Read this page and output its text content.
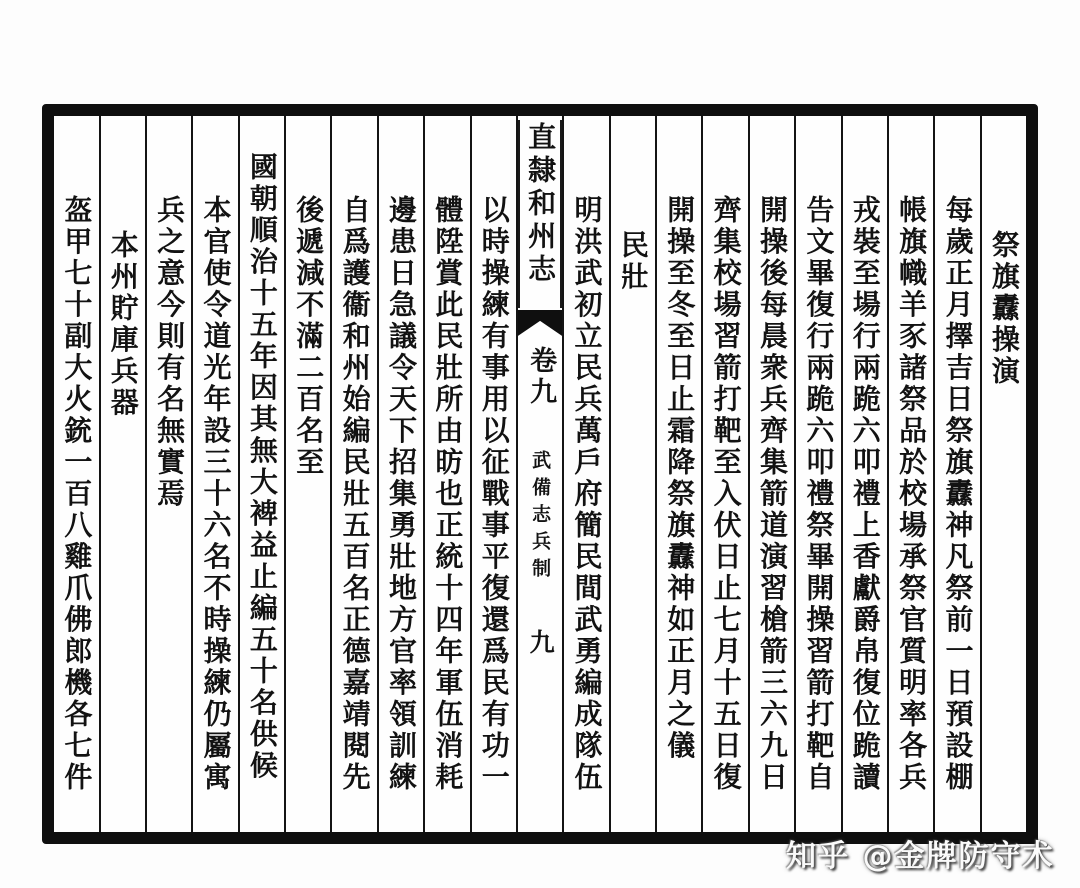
祭旗纛操演
每歲正月擇吉日祭旗纛神凡祭前一日預設棚
帳旗幟羊豕諸祭品於校場承祭官質明率各兵
戎裝至場行兩跪六叩禮上香獻爵帛復位跪讀
告文畢復行兩跪六叩禮祭畢開操習箭打靶自
開操後每晨衆兵齊集箭道演習槍箭三六九日
齊集校場習箭打靶至入伏日止七月十五日復
開操至冬至日止霜降祭旗纛神如正月之儀
民壯
明洪武初立民兵萬戶府簡民間武勇編成隊伍
直隸和州志
卷九
武備志兵制
九
以時操練有事用以征戰事平復還爲民有功一
體陞賞此民壯所由昉也正統十四年軍伍消耗
邊患日急議令天下招集勇壯地方官率領訓練
自爲護衞和州始編民壯五百名正德嘉靖閱先
後遞減不滿二百名至
國朝順治十五年因其無大裨益止編五十名供候
本官使令道光年設三十六名不時操練仍屬寓
兵之意今則有名無實焉
本州貯庫兵器
盔甲七十副大火銃一百八雞爪佛郎機各七件
知乎 @金牌防守术
